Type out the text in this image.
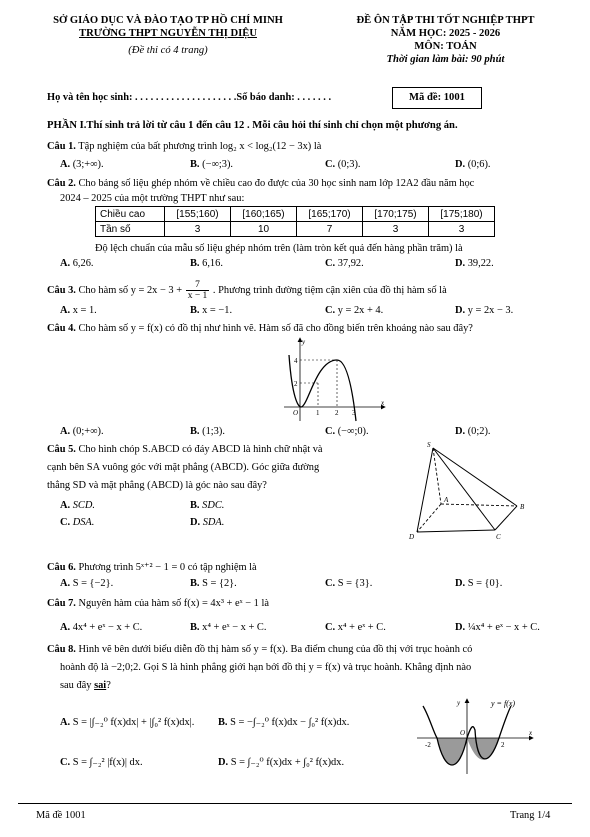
SỞ GIÁO DỤC VÀ ĐÀO TẠO TP HỒ CHÍ MINH
TRƯỜNG THPT NGUYỄN THỊ DIỆU
(Đề thi có 4 trang)
ĐỀ ÔN TẬP THI TỐT NGHIỆP THPT
NĂM HỌC: 2025 - 2026
MÔN: TOÁN
Thời gian làm bài: 90 phút
Họ và tên học sinh: . . . . . . . . . . . . . . . . . . . .Số báo danh: . . . . . . .	Mã đề: 1001
PHẦN I.Thí sinh trả lời từ câu 1 đến câu 12 . Mỗi câu hỏi thí sinh chỉ chọn một phương án.
Câu 1. Tập nghiệm của bất phương trình log₂ x < log₂(12 − 3x) là
A. (3;+∞).	B. (−∞;3).	C. (0;3).	D. (0;6).
Câu 2. Cho bảng số liệu ghép nhóm về chiều cao đo được của 30 học sinh nam lớp 12A2 đầu năm học
2024 – 2025 của một trường THPT như sau:
Chiều cao	[155;160)	[160;165)	[165;170)	[170;175)	[175;180)
Tần số	3	10	7	3	3
Độ lệch chuẩn của mẫu số liệu ghép nhóm trên (làm tròn kết quả đến hàng phần trăm) là
A. 6,26.	B. 6,16.	C. 37,92.	D. 39,22.
Câu 3. Cho hàm số $y = 2x - 3 + \frac{7}{x - 1}$ . Phương trình đường tiệm cận xiên của đồ thị hàm số là
A. x = 1.	B. x = −1.	C. y = 2x + 4.	D. y = 2x − 3.
Câu 4. Cho hàm số y = f(x) có đồ thị như hình vẽ. Hàm số đã cho đồng biến trên khoảng nào sau đây?
y
x
O
4
2
1 2 3
A. (0;+∞).	B. (1;3).	C. (−∞;0).	D. (0;2).
Câu 5. Cho hình chóp S.ABCD có đáy ABCD là hình chữ nhật và
cạnh bên SA vuông góc với mặt phẳng (ABCD). Góc giữa đường
thẳng SD và mặt phẳng (ABCD) là góc nào sau đây?
A. SCD.	B. SDC.
C. DSA.	D. SDA.
S
A
B
C
D
Câu 6. Phương trình 5ˣ⁺² − 1 = 0 có tập nghiệm là
A. S = {−2}.	B. S = {2}.	C. S = {3}.	D. S = {0}.
Câu 7. Nguyên hàm của hàm số f(x) = 4x³ + eˣ − 1 là
A. 4x⁴ + eˣ − x + C.	B. x⁴ + eˣ − x + C.	C. x⁴ + eˣ + C.	D. ¼x⁴ + eˣ − x + C.
Câu 8. Hình vẽ bên dưới biểu diễn đồ thị hàm số y = f(x). Ba điểm chung của đồ thị với trục hoành có
hoành độ là −2;0;2. Gọi S là hình phẳng giới hạn bởi đồ thị y = f(x) và trục hoành. Khẳng định nào
sau đây sai?
A. S = |∫₋₂⁰ f(x)dx| + |∫₀² f(x)dx|. B. S = −∫₋₂⁰ f(x)dx − ∫₀² f(x)dx.
C. S = ∫₋₂² |f(x)| dx.	D. S = ∫₋₂⁰ f(x)dx + ∫₀² f(x)dx.
y = f(x)
y
x
O
-2	2
Mã đề 1001	Trang 1/4
